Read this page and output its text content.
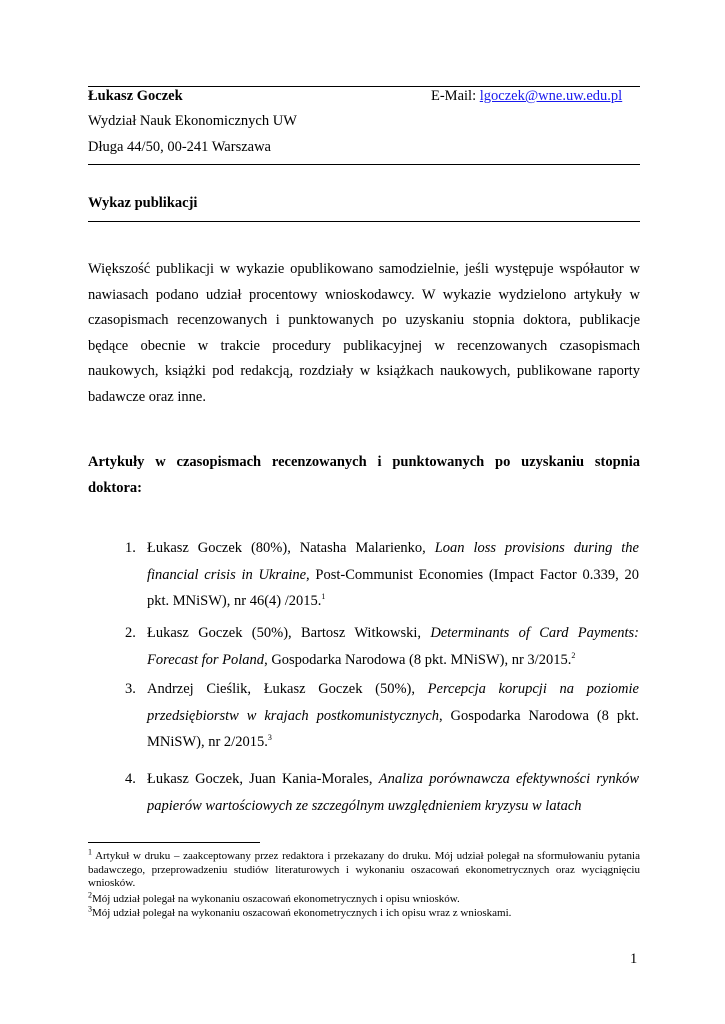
Łukasz Goczek	E-Mail: lgoczek@wne.uw.edu.pl
Wydział Nauk Ekonomicznych UW
Długa 44/50, 00-241 Warszawa
Wykaz publikacji
Większość publikacji w wykazie opublikowano samodzielnie, jeśli występuje współautor w
nawiasach podano udział procentowy wnioskodawcy. W wykazie wydzielono artykuły w
czasopismach recenzowanych i punktowanych po uzyskaniu stopnia doktora, publikacje
będące obecnie w trakcie procedury publikacyjnej w recenzowanych czasopismach
naukowych, książki pod redakcją, rozdziały w książkach naukowych, publikowane raporty
badawcze oraz inne.
Artykuły w czasopismach recenzowanych i punktowanych po uzyskaniu stopnia
doktora:
1. Łukasz Goczek (80%), Natasha Malarienko, Loan loss provisions during the financial crisis in Ukraine, Post-Communist Economies (Impact Factor 0.339, 20 pkt. MNiSW), nr 46(4) /2015.$^1$
2. Łukasz Goczek (50%), Bartosz Witkowski, Determinants of Card Payments: Forecast for Poland, Gospodarka Narodowa (8 pkt. MNiSW), nr 3/2015.$^2$
3. Andrzej Cieślik, Łukasz Goczek (50%), Percepcja korupcji na poziomie przedsiębiorstw w krajach postkomunistycznych, Gospodarka Narodowa (8 pkt. MNiSW), nr 2/2015.$^3$
4. Łukasz Goczek, Juan Kania-Morales, Analiza porównawcza efektywności rynków papierów wartościowych ze szczególnym uwzględnieniem kryzysu w latach
$^1$ Artykuł w druku – zaakceptowany przez redaktora i przekazany do druku. Mój udział polegał na sformułowaniu pytania badawczego, przeprowadzeniu studiów literaturowych i wykonaniu oszacowań ekonometrycznych oraz wyciągnięciu wniosków.
$^2$Mój udział polegał na wykonaniu oszacowań ekonometrycznych i opisu wniosków.
$^3$Mój udział polegał na wykonaniu oszacowań ekonometrycznych i ich opisu wraz z wnioskami.
1
